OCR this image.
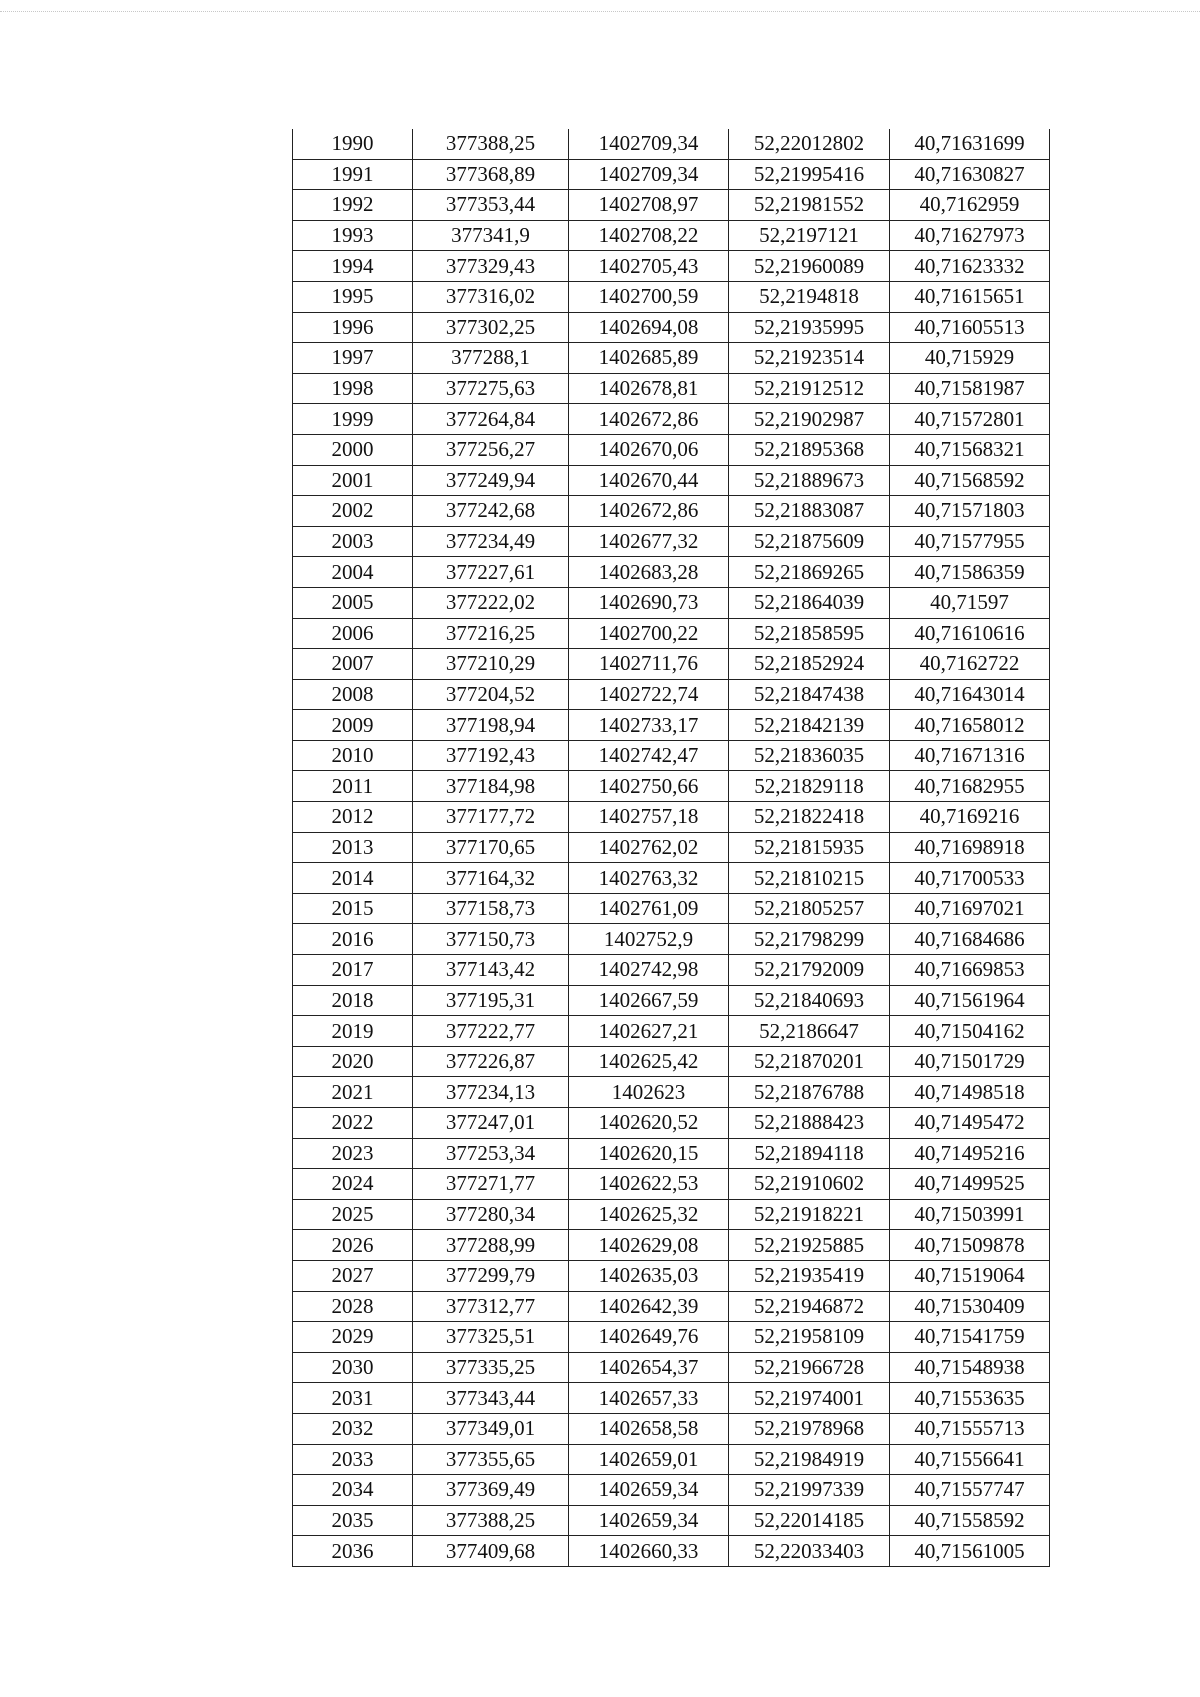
1990	377388,25	1402709,34	52,22012802	40,71631699
1991	377368,89	1402709,34	52,21995416	40,71630827
1992	377353,44	1402708,97	52,21981552	40,7162959
1993	377341,9	1402708,22	52,2197121	40,71627973
1994	377329,43	1402705,43	52,21960089	40,71623332
1995	377316,02	1402700,59	52,2194818	40,71615651
1996	377302,25	1402694,08	52,21935995	40,71605513
1997	377288,1	1402685,89	52,21923514	40,715929
1998	377275,63	1402678,81	52,21912512	40,71581987
1999	377264,84	1402672,86	52,21902987	40,71572801
2000	377256,27	1402670,06	52,21895368	40,71568321
2001	377249,94	1402670,44	52,21889673	40,71568592
2002	377242,68	1402672,86	52,21883087	40,71571803
2003	377234,49	1402677,32	52,21875609	40,71577955
2004	377227,61	1402683,28	52,21869265	40,71586359
2005	377222,02	1402690,73	52,21864039	40,71597
2006	377216,25	1402700,22	52,21858595	40,71610616
2007	377210,29	1402711,76	52,21852924	40,7162722
2008	377204,52	1402722,74	52,21847438	40,71643014
2009	377198,94	1402733,17	52,21842139	40,71658012
2010	377192,43	1402742,47	52,21836035	40,71671316
2011	377184,98	1402750,66	52,21829118	40,71682955
2012	377177,72	1402757,18	52,21822418	40,7169216
2013	377170,65	1402762,02	52,21815935	40,71698918
2014	377164,32	1402763,32	52,21810215	40,71700533
2015	377158,73	1402761,09	52,21805257	40,71697021
2016	377150,73	1402752,9	52,21798299	40,71684686
2017	377143,42	1402742,98	52,21792009	40,71669853
2018	377195,31	1402667,59	52,21840693	40,71561964
2019	377222,77	1402627,21	52,2186647	40,71504162
2020	377226,87	1402625,42	52,21870201	40,71501729
2021	377234,13	1402623	52,21876788	40,71498518
2022	377247,01	1402620,52	52,21888423	40,71495472
2023	377253,34	1402620,15	52,21894118	40,71495216
2024	377271,77	1402622,53	52,21910602	40,71499525
2025	377280,34	1402625,32	52,21918221	40,71503991
2026	377288,99	1402629,08	52,21925885	40,71509878
2027	377299,79	1402635,03	52,21935419	40,71519064
2028	377312,77	1402642,39	52,21946872	40,71530409
2029	377325,51	1402649,76	52,21958109	40,71541759
2030	377335,25	1402654,37	52,21966728	40,71548938
2031	377343,44	1402657,33	52,21974001	40,71553635
2032	377349,01	1402658,58	52,21978968	40,71555713
2033	377355,65	1402659,01	52,21984919	40,71556641
2034	377369,49	1402659,34	52,21997339	40,71557747
2035	377388,25	1402659,34	52,22014185	40,71558592
2036	377409,68	1402660,33	52,22033403	40,71561005
